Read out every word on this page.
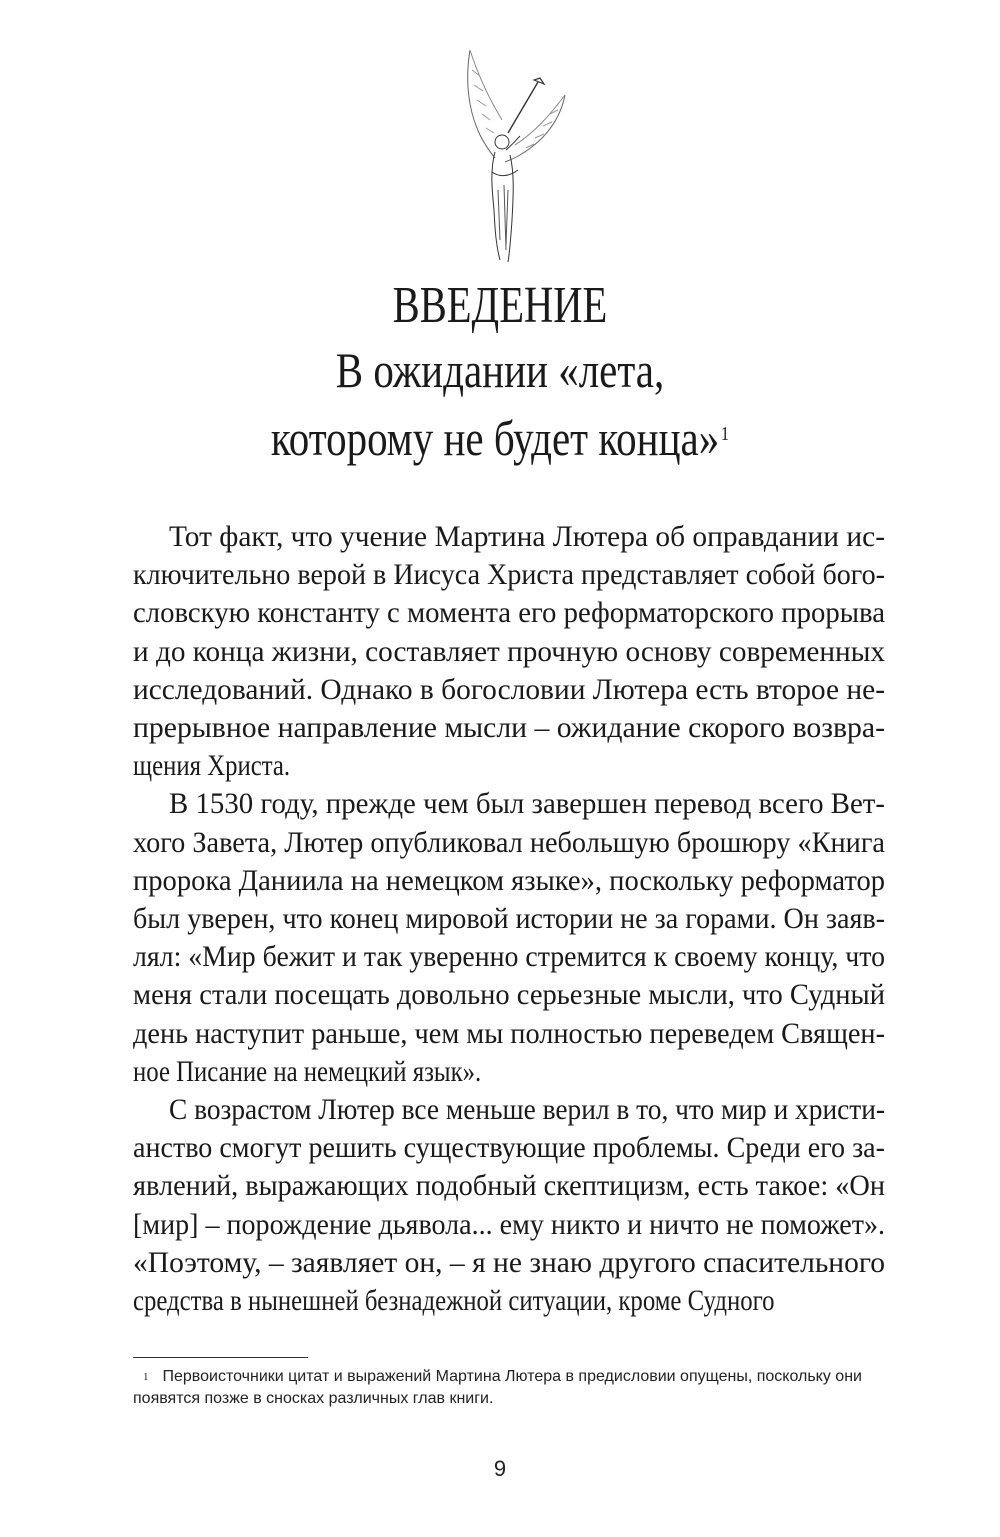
ВВЕДЕНИЕ
В ожидании «лета,
которому не будет конца»$^1$
Тот факт, что учение Мартина Лютера об оправдании ис-
ключительно верой в Иисуса Христа представляет собой бого-
словскую константу с момента его реформаторского прорыва
и до конца жизни, составляет прочную основу современных
исследований. Однако в богословии Лютера есть второе не-
прерывное направление мысли – ожидание скорого возвра-
щения Христа.
В 1530 году, прежде чем был завершен перевод всего Вет-
хого Завета, Лютер опубликовал небольшую брошюру «Книга
пророка Даниила на немецком языке», поскольку реформатор
был уверен, что конец мировой истории не за горами. Он заяв-
лял: «Мир бежит и так уверенно стремится к своему концу, что
меня стали посещать довольно серьезные мысли, что Судный
день наступит раньше, чем мы полностью переведем Священ-
ное Писание на немецкий язык».
С возрастом Лютер все меньше верил в то, что мир и христи-
анство смогут решить существующие проблемы. Среди его за-
явлений, выражающих подобный скептицизм, есть такое: «Он
[мир] – порождение дьявола... ему никто и ничто не поможет».
«Поэтому, – заявляет он, – я не знаю другого спасительного
средства в нынешней безнадежной ситуации, кроме Судного
$^1$ Первоисточники цитат и выражений Мартина Лютера в предисловии опущены, поскольку они появятся позже в сносках различных глав книги.
9
